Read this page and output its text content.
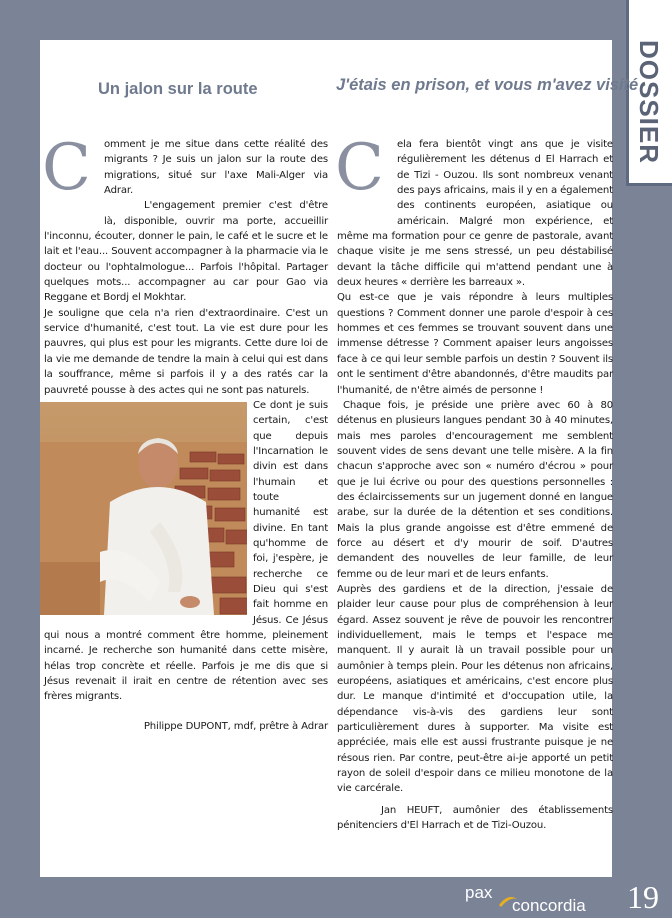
DOSSIER
Un jalon sur la route	J'étais en prison, et vous m'avez visité

C	omment je me situe dans cette réalité des migrants ? Je suis un jalon sur la route des migrations, situé sur l'axe Mali-Alger via Adrar.

L'engagement premier c'est d'être là, disponible, ouvrir ma porte, accueillir l'inconnu, écouter, donner le pain, le café et le sucre et le lait et l'eau... Souvent accompagner à la pharmacie via le docteur ou l'ophtalmologue... Parfois l'hôpital. Partager quelques mots... accompagner au car pour Gao via Reggane et Bordj el Mokhtar.

Je souligne que cela n'a rien d'extraordinaire. C'est un service d'humanité, c'est tout. La vie est dure pour les pauvres, qui plus est pour les migrants. Cette dure loi de la vie me demande de tendre la main à celui qui est dans la souffrance, même si parfois il y a des ratés car la pauvreté pousse à des actes qui ne sont pas naturels.

Ce dont je suis certain, c'est que depuis l'Incarnation le divin est dans l'humain et toute humanité est divine. En tant qu'homme de foi, j'espère, je recherche ce Dieu qui s'est fait homme en Jésus. Ce Jésus qui nous a montré comment être homme, pleinement incarné. Je recherche son humanité dans cette misère, hélas trop concrète et réelle. Parfois je me dis que si Jésus revenait il irait en centre de rétention avec ses frères migrants.

Philippe DUPONT, mdf, prêtre à Adrar

C	ela fera bientôt vingt ans que je visite régulièrement les détenus d El Harrach et de Tizi - Ouzou. Ils sont nombreux venant des pays africains, mais il y en a également des continents européen, asiatique ou américain. Malgré mon expérience, et même ma formation pour ce genre de pastorale, avant chaque visite je me sens stressé, un peu déstabilisé devant la tâche difficile qui m'attend pendant une à deux heures « derrière les barreaux ».

Qu est-ce que je vais répondre à leurs multiples questions ? Comment donner une parole d'espoir à ces hommes et ces femmes se trouvant souvent dans une immense détresse ? Comment apaiser leurs angoisses face à ce qui leur semble parfois un destin ? Souvent ils ont le sentiment d'être abandonnés, d'être maudits par l'humanité, de n'être aimés de personne !

Chaque fois, je préside une prière avec 60 à 80 détenus en plusieurs langues pendant 30 à 40 minutes, mais mes paroles d'encouragement me semblent souvent vides de sens devant une telle misère. A la fin chacun s'approche avec son « numéro d'écrou » pour que je lui écrive ou pour des questions personnelles : des éclaircissements sur un jugement donné en langue arabe, sur la durée de la détention et ses conditions. Mais la plus grande angoisse est d'être emmené de force au désert et d'y mourir de soif. D'autres demandent des nouvelles de leur famille, de leur femme ou de leur mari et de leurs enfants.

Auprès des gardiens et de la direction, j'essaie de plaider leur cause pour plus de compréhension à leur égard. Assez souvent je rêve de pouvoir les rencontrer individuellement, mais le temps et l'espace me manquent. Il y aurait là un travail possible pour un aumônier à temps plein. Pour les détenus non africains, européens, asiatiques et américains, c'est encore plus dur. Le manque d'intimité et d'occupation utile, la dépendance vis-à-vis des gardiens leur sont particulièrement dures à supporter. Ma visite est appréciée, mais elle est aussi frustrante puisque je ne résous rien. Par contre, peut-être ai-je apporté un petit rayon de soleil d'espoir dans ce milieu monotone de la vie carcérale.

Jan HEUFT, aumônier des établissements pénitenciers d'El Harrach et de Tizi-Ouzou.

pax
concordia 19
